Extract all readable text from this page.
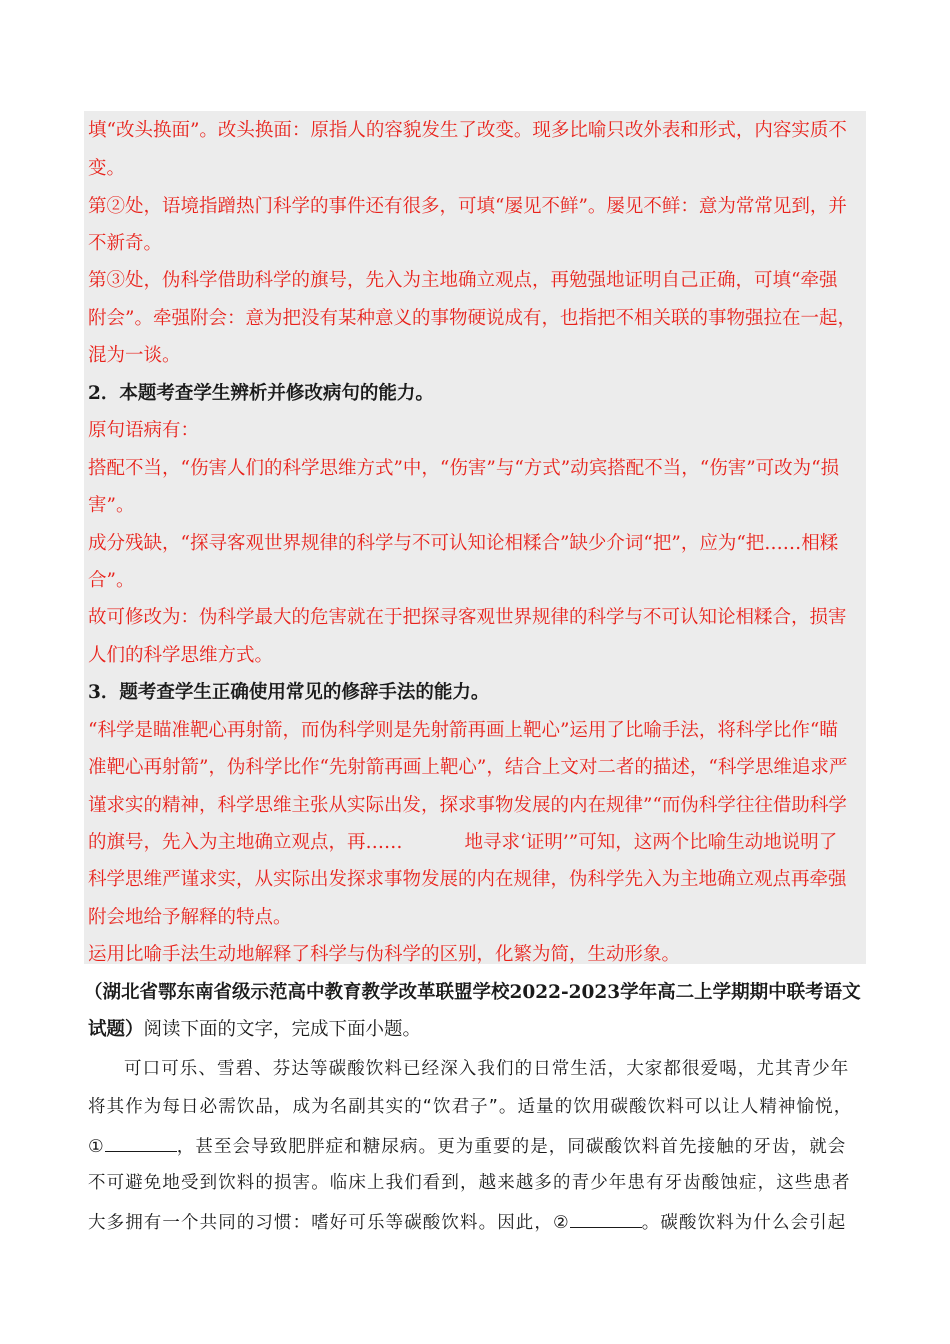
填“改头换面”。改头换面：原指人的容貌发生了改变。现多比喻只改外表和形式，内容实质不
变。
第②处，语境指蹭热门科学的事件还有很多，可填“屡见不鲜”。屡见不鲜：意为常常见到，并
不新奇。
第③处，伪科学借助科学的旗号，先入为主地确立观点，再勉强地证明自己正确，可填“牵强
附会”。牵强附会：意为把没有某种意义的事物硬说成有，也指把不相关联的事物强拉在一起，
混为一谈。
2．本题考查学生辨析并修改病句的能力。
原句语病有：
搭配不当，“伤害人们的科学思维方式”中，“伤害”与“方式”动宾搭配不当，“伤害”可改为“损
害”。
成分残缺，“探寻客观世界规律的科学与不可认知论相糅合”缺少介词“把”，应为“把……相糅
合”。
故可修改为：伪科学最大的危害就在于把探寻客观世界规律的科学与不可认知论相糅合，损害
人们的科学思维方式。
3．题考查学生正确使用常见的修辞手法的能力。
“科学是瞄准靶心再射箭，而伪科学则是先射箭再画上靶心”运用了比喻手法，将科学比作“瞄
准靶心再射箭”，伪科学比作“先射箭再画上靶心”，结合上文对二者的描述，“科学思维追求严
谨求实的精神，科学思维主张从实际出发，探求事物发展的内在规律”“而伪科学往往借助科学
的旗号，先入为主地确立观点，再……	地寻求‘证明’”可知，这两个比喻生动地说明了
科学思维严谨求实，从实际出发探求事物发展的内在规律，伪科学先入为主地确立观点再牵强
附会地给予解释的特点。
运用比喻手法生动地解释了科学与伪科学的区别，化繁为简，生动形象。
（湖北省鄂东南省级示范高中教育教学改革联盟学校2022-2023学年高二上学期期中联考语文
试题）阅读下面的文字，完成下面小题。
可口可乐、雪碧、芬达等碳酸饮料已经深入我们的日常生活，大家都很爱喝，尤其青少年
将其作为每日必需饮品，成为名副其实的“饮君子”。适量的饮用碳酸饮料可以让人精神愉悦，
①	，甚至会导致肥胖症和糖尿病。更为重要的是，同碳酸饮料首先接触的牙齿，就会
不可避免地受到饮料的损害。临床上我们看到，越来越多的青少年患有牙齿酸蚀症，这些患者
大多拥有一个共同的习惯：嗜好可乐等碳酸饮料。因此，②	。碳酸饮料为什么会引起
